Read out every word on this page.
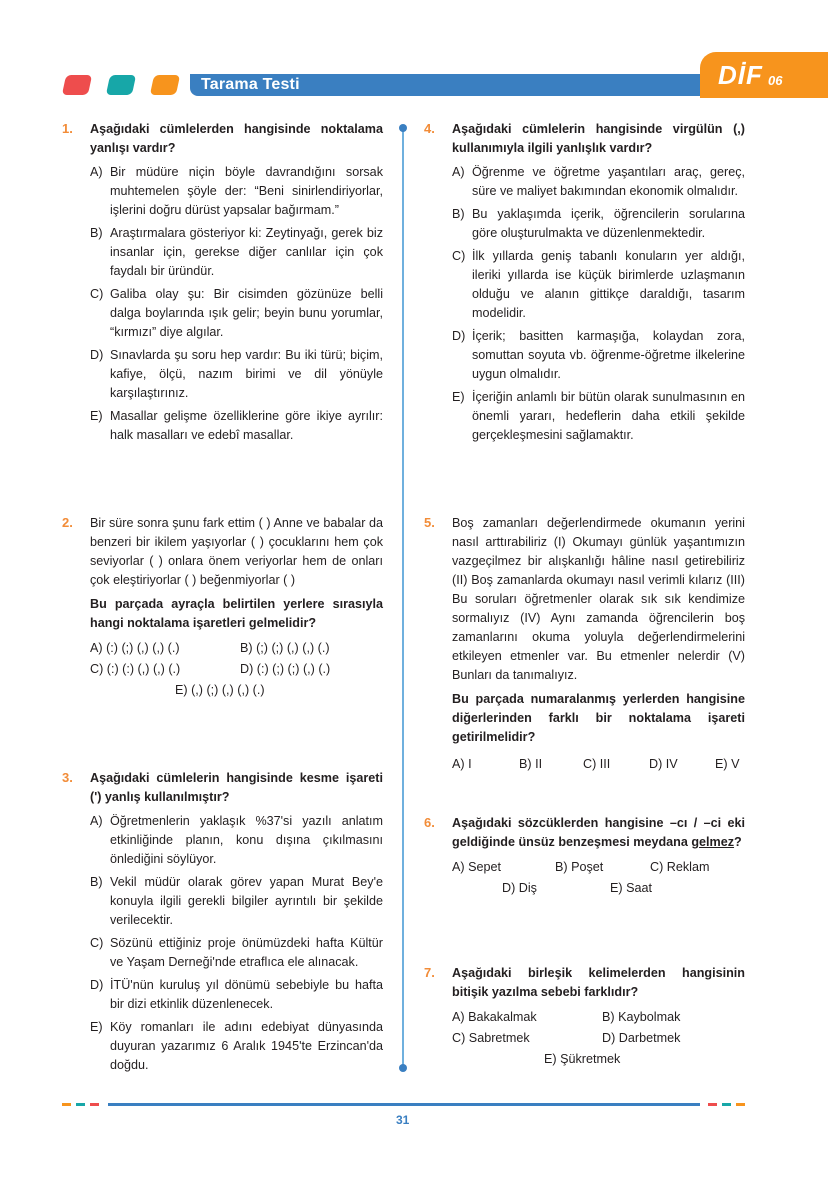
Tarama Testi	DİF 06
1. Aşağıdaki cümlelerden hangisinde noktalama yanlışı vardır?
A) Bir müdüre niçin böyle davrandığını sorsak muhtemelen şöyle der: “Beni sinirlendiriyorlar, işlerini doğru dürüst yapsalar bağırmam.”
B) Araştırmalara gösteriyor ki: Zeytinyağı, gerek biz insanlar için, gerekse diğer canlılar için çok faydalı bir üründür.
C) Galiba olay şu: Bir cisimden gözünüze belli dalga boylarında ışık gelir; beyin bunu yorumlar, “kırmızı” diye algılar.
D) Sınavlarda şu soru hep vardır: Bu iki türü; biçim, kafiye, ölçü, nazım birimi ve dil yönüyle karşılaştırınız.
E) Masallar gelişme özelliklerine göre ikiye ayrılır: halk masalları ve edebî masallar.
2. Bir süre sonra şunu fark ettim ( ) Anne ve babalar da benzeri bir ikilem yaşıyorlar ( ) çocuklarını hem çok seviyorlar ( ) onlara önem veriyorlar hem de onları çok eleştiriyorlar ( ) beğenmiyorlar ( )
Bu parçada ayraçla belirtilen yerlere sırasıyla hangi noktalama işaretleri gelmelidir?
A) (:) (;) (,) (,) (.)	B) (;) (;) (,) (,) (.)
C) (:) (:) (,) (,) (.)	D) (:) (;) (;) (,) (.)
E) (,) (;) (,) (,) (.)
3. Aşağıdaki cümlelerin hangisinde kesme işareti (') yanlış kullanılmıştır?
A) Öğretmenlerin yaklaşık %37'si yazılı anlatım etkinliğinde planın, konu dışına çıkılmasını önlediğini söylüyor.
B) Vekil müdür olarak görev yapan Murat Bey'e konuyla ilgili gerekli bilgiler ayrıntılı bir şekilde verilecektir.
C) Sözünü ettiğiniz proje önümüzdeki hafta Kültür ve Yaşam Derneği'nde etraflıca ele alınacak.
D) İTÜ'nün kuruluş yıl dönümü sebebiyle bu hafta bir dizi etkinlik düzenlenecek.
E) Köy romanları ile adını edebiyat dünyasında duyuran yazarımız 6 Aralık 1945'te Erzincan'da doğdu.
4. Aşağıdaki cümlelerin hangisinde virgülün (,) kullanımıyla ilgili yanlışlık vardır?
A) Öğrenme ve öğretme yaşantıları araç, gereç, süre ve maliyet bakımından ekonomik olmalıdır.
B) Bu yaklaşımda içerik, öğrencilerin sorularına göre oluşturulmakta ve düzenlenmektedir.
C) İlk yıllarda geniş tabanlı konuların yer aldığı, ileriki yıllarda ise küçük birimlerde uzlaşmanın olduğu ve alanın gittikçe daraldığı, tasarım modelidir.
D) İçerik; basitten karmaşığa, kolaydan zora, somuttan soyuta vb. öğrenme-öğretme ilkelerine uygun olmalıdır.
E) İçeriğin anlamlı bir bütün olarak sunulmasının en önemli yararı, hedeflerin daha etkili şekilde gerçekleşmesini sağlamaktır.
5. Boş zamanları değerlendirmede okumanın yerini nasıl arttırabiliriz (I) Okumayı günlük yaşantımızın vazgeçilmez bir alışkanlığı hâline nasıl getirebiliriz (II) Boş zamanlarda okumayı nasıl verimli kılarız (III) Bu soruları öğretmenler olarak sık sık kendimize sormalıyız (IV) Aynı zamanda öğrencilerin boş zamanlarını okuma yoluyla değerlendirmelerini etkileyen etmenler var. Bu etmenler nelerdir (V) Bunları da tanımalıyız.
Bu parçada numaralanmış yerlerden hangisine diğerlerinden farklı bir noktalama işareti getirilmelidir?
A) I	B) II	C) III	D) IV	E) V
6. Aşağıdaki sözcüklerden hangisine –cı / –ci eki geldiğinde ünsüz benzeşmesi meydana gelmez?
A) Sepet	B) Poşet	C) Reklam
D) Diş	E) Saat
7. Aşağıdaki birleşik kelimelerden hangisinin bitişik yazılma sebebi farklıdır?
A) Bakakalmak	B) Kaybolmak
C) Sabretmek	D) Darbetmek
E) Şükretmek
31
